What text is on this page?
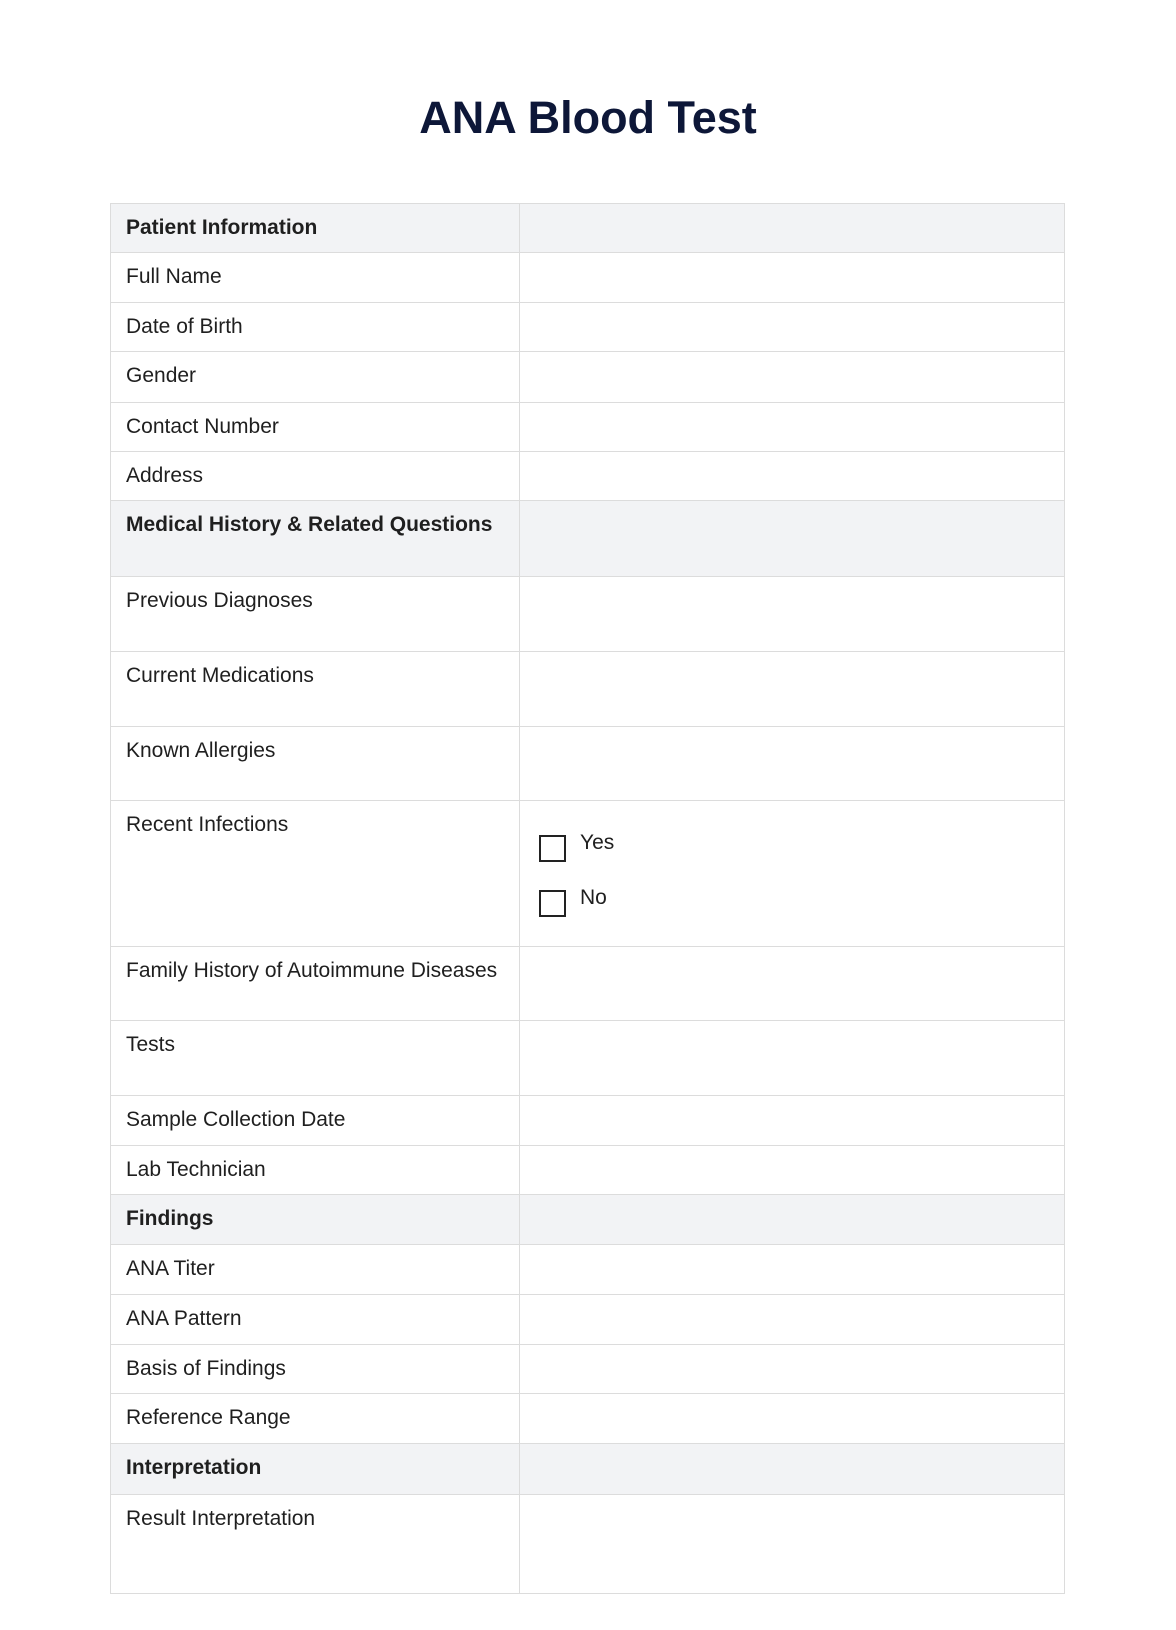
ANA Blood Test
Patient Information	
Full Name	
Date of Birth	
Gender	
Contact Number	
Address	
Medical History & Related Questions	
Previous Diagnoses	
Current Medications	
Known Allergies	
Recent Infections	Yes
No

Family History of Autoimmune Diseases	
Tests	
Sample Collection Date	
Lab Technician	
Findings	
ANA Titer	
ANA Pattern	
Basis of Findings	
Reference Range	
Interpretation	
Result Interpretation	
